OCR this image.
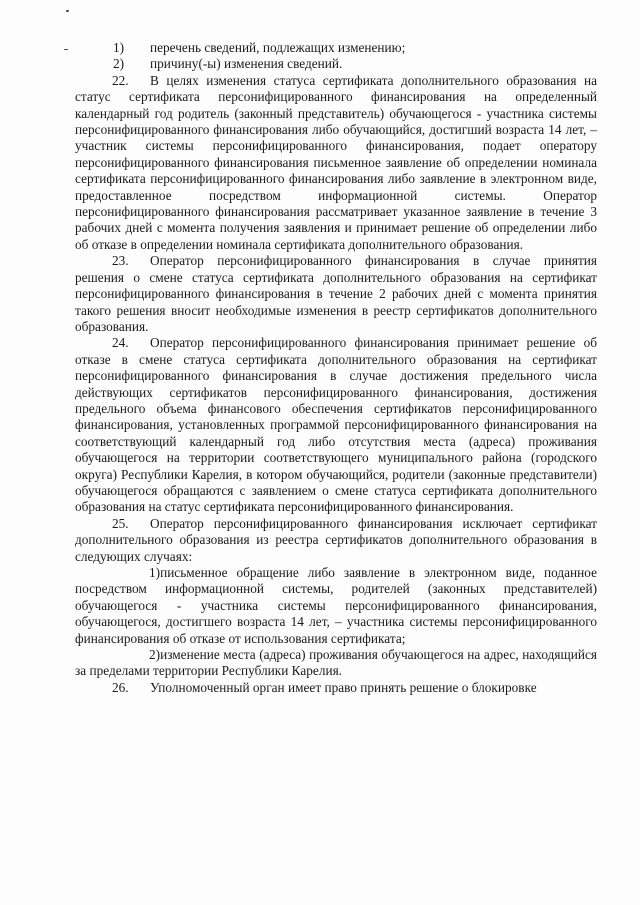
1) перечень сведений, подлежащих изменению;

2) причину(-ы) изменения сведений.

22. В целях изменения статуса сертификата дополнительного образования на статус сертификата персонифицированного финансирования на определенный календарный год родитель (законный представитель) обучающегося - участника системы персонифицированного финансирования либо обучающийся, достигший возраста 14 лет, – участник системы персонифицированного финансирования, подает оператору персонифицированного финансирования письменное заявление об определении номинала сертификата персонифицированного финансирования либо заявление в электронном виде, предоставленное посредством информационной системы. Оператор персонифицированного финансирования рассматривает указанное заявление в течение 3 рабочих дней с момента получения заявления и принимает решение об определении либо об отказе в определении номинала сертификата дополнительного образования.

23. Оператор персонифицированного финансирования в случае принятия решения о смене статуса сертификата дополнительного образования на сертификат персонифицированного финансирования в течение 2 рабочих дней с момента принятия такого решения вносит необходимые изменения в реестр сертификатов дополнительного образования.

24. Оператор персонифицированного финансирования принимает решение об отказе в смене статуса сертификата дополнительного образования на сертификат персонифицированного финансирования в случае достижения предельного числа действующих сертификатов персонифицированного финансирования, достижения предельного объема финансового обеспечения сертификатов персонифицированного финансирования, установленных программой персонифицированного финансирования на соответствующий календарный год либо отсутствия места (адреса) проживания обучающегося на территории соответствующего муниципального района (городского округа) Республики Карелия, в котором обучающийся, родители (законные представители) обучающегося обращаются с заявлением о смене статуса сертификата дополнительного образования на статус сертификата персонифицированного финансирования.

25. Оператор персонифицированного финансирования исключает сертификат дополнительного образования из реестра сертификатов дополнительного образования в следующих случаях:

1)письменное обращение либо заявление в электронном виде, поданное посредством информационной системы, родителей (законных представителей) обучающегося - участника системы персонифицированного финансирования, обучающегося, достигшего возраста 14 лет, – участника системы персонифицированного финансирования об отказе от использования сертификата;

2)изменение места (адреса) проживания обучающегося на адрес, находящийся за пределами территории Республики Карелия.

26. Уполномоченный орган имеет право принять решение о блокировке
